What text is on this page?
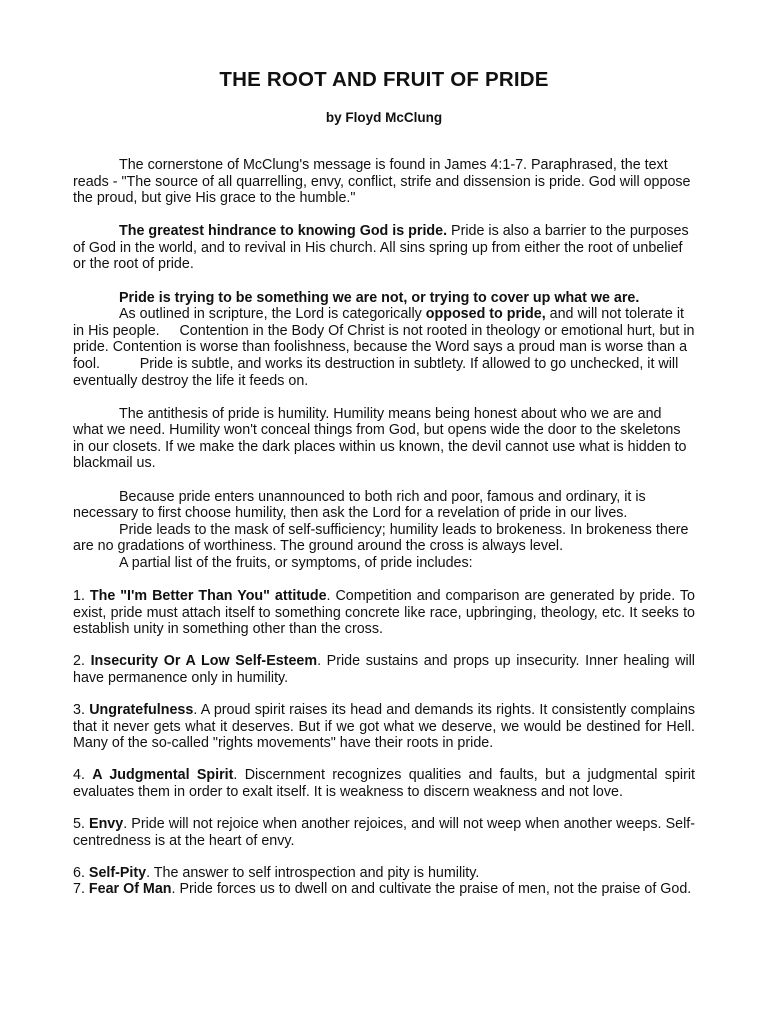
THE ROOT AND FRUIT OF PRIDE
by Floyd McClung

The cornerstone of McClung's message is found in James 4:1-7. Paraphrased, the text reads - "The source of all quarrelling, envy, conflict, strife and dissension is pride. God will oppose the proud, but give His grace to the humble."

The greatest hindrance to knowing God is pride. Pride is also a barrier to the purposes of God in the world, and to revival in His church. All sins spring up from either the root of unbelief or the root of pride.

Pride is trying to be something we are not, or trying to cover up what we are.

As outlined in scripture, the Lord is categorically opposed to pride, and will not tolerate it in His people.     Contention in the Body Of Christ is not rooted in theology or emotional hurt, but in pride. Contention is worse than foolishness, because the Word says a proud man is worse than a fool.          Pride is subtle, and works its destruction in subtlety. If allowed to go unchecked, it will eventually destroy the life it feeds on.

The antithesis of pride is humility. Humility means being honest about who we are and what we need. Humility won't conceal things from God, but opens wide the door to the skeletons in our closets. If we make the dark places within us known, the devil cannot use what is hidden to blackmail us.

Because pride enters unannounced to both rich and poor, famous and ordinary, it is necessary to first choose humility, then ask the Lord for a revelation of pride in our lives.

Pride leads to the mask of self-sufficiency; humility leads to brokeness. In brokeness there are no gradations of worthiness. The ground around the cross is always level.

A partial list of the fruits, or symptoms, of pride includes:

1. The "I'm Better Than You" attitude. Competition and comparison are generated by pride. To exist, pride must attach itself to something concrete like race, upbringing, theology, etc. It seeks to establish unity in something other than the cross.

2. Insecurity Or A Low Self-Esteem. Pride sustains and props up insecurity. Inner healing will have permanence only in humility.

3. Ungratefulness. A proud spirit raises its head and demands its rights. It consistently complains that it never gets what it deserves. But if we got what we deserve, we would be destined for Hell. Many of the so-called "rights movements" have their roots in pride.

4. A Judgmental Spirit. Discernment recognizes qualities and faults, but a judgmental spirit evaluates them in order to exalt itself. It is weakness to discern weakness and not love.

5. Envy. Pride will not rejoice when another rejoices, and will not weep when another weeps. Self-centredness is at the heart of envy.

6. Self-Pity. The answer to self introspection and pity is humility.

7. Fear Of Man. Pride forces us to dwell on and cultivate the praise of men, not the praise of God.
